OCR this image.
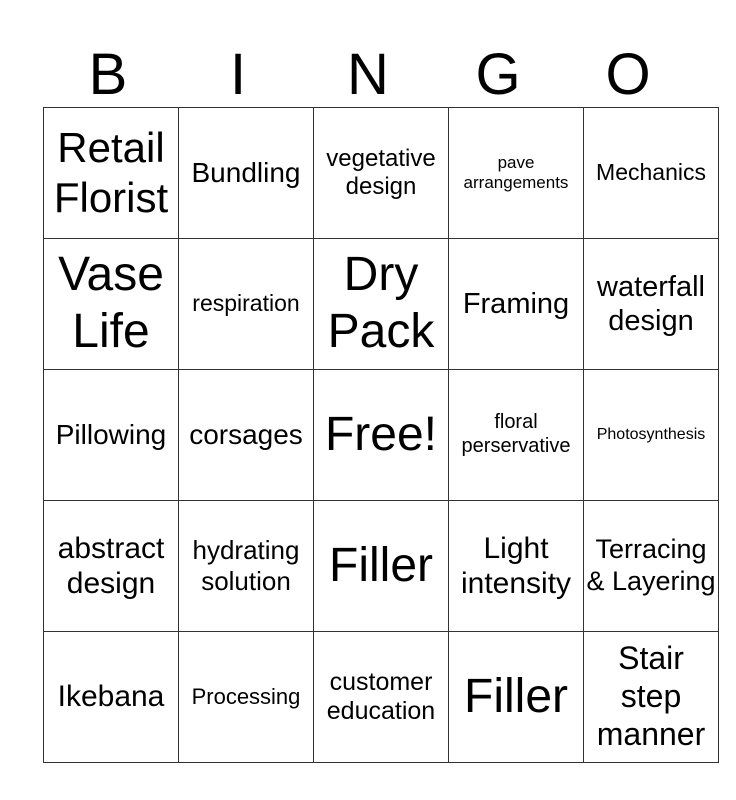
B	I	N	G	O
Retail Florist	Bundling	vegetative design	pave arrangements	Mechanics
Vase Life	respiration	Dry Pack	Framing	waterfall design
Pillowing	corsages	Free!	floral perservative	Photosynthesis
abstract design	hydrating solution	Filler	Light intensity	Terracing & Layering
Ikebana	Processing	customer education	Filler	Stair step manner
